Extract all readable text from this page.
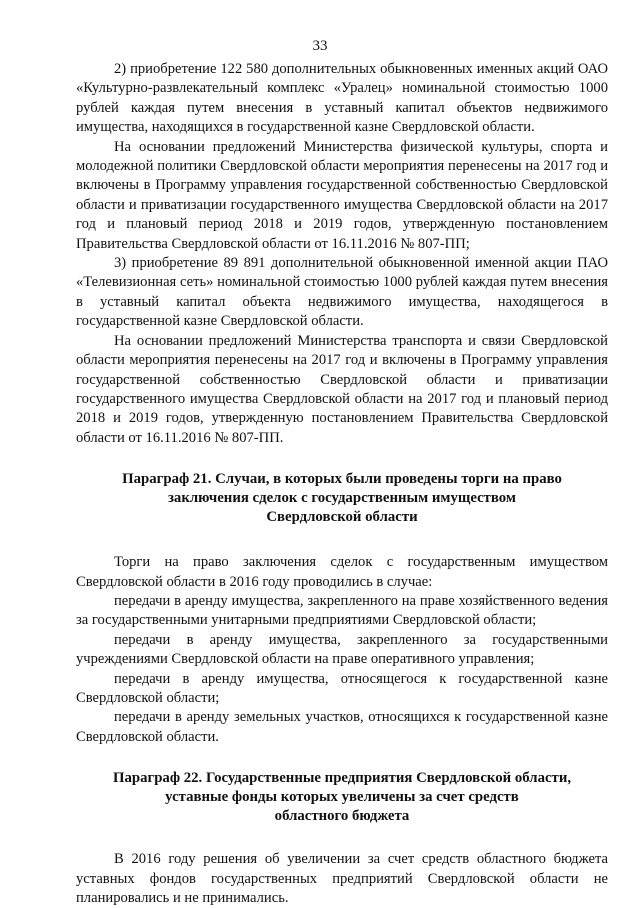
33

2) приобретение 122 580 дополнительных обыкновенных именных акций ОАО «Культурно-развлекательный комплекс «Уралец» номинальной стоимостью 1000 рублей каждая путем внесения в уставный капитал объектов недвижимого имущества, находящихся в государственной казне Свердловской области.

На основании предложений Министерства физической культуры, спорта и молодежной политики Свердловской области мероприятия перенесены на 2017 год и включены в Программу управления государственной собственностью Свердловской области и приватизации государственного имущества Свердловской области на 2017 год и плановый период 2018 и 2019 годов, утвержденную постановлением Правительства Свердловской области от 16.11.2016 № 807-ПП;

3) приобретение 89 891 дополнительной обыкновенной именной акции ПАО «Телевизионная сеть» номинальной стоимостью 1000 рублей каждая путем внесения в уставный капитал объекта недвижимого имущества, находящегося в государственной казне Свердловской области.

На основании предложений Министерства транспорта и связи Свердловской области мероприятия перенесены на 2017 год и включены в Программу управления государственной собственностью Свердловской области и приватизации государственного имущества Свердловской области на 2017 год и плановый период 2018 и 2019 годов, утвержденную постановлением Правительства Свердловской области от 16.11.2016 № 807-ПП.

Параграф 21. Случаи, в которых были проведены торги на право
заключения сделок с государственным имуществом
Свердловской области

Торги на право заключения сделок с государственным имуществом Свердловской области в 2016 году проводились в случае:

передачи в аренду имущества, закрепленного на праве хозяйственного ведения за государственными унитарными предприятиями Свердловской области;

передачи в аренду имущества, закрепленного за государственными учреждениями Свердловской области на праве оперативного управления;

передачи в аренду имущества, относящегося к государственной казне Свердловской области;

передачи в аренду земельных участков, относящихся к государственной казне Свердловской области.

Параграф 22. Государственные предприятия Свердловской области,
уставные фонды которых увеличены за счет средств
областного бюджета

В 2016 году решения об увеличении за счет средств областного бюджета уставных фондов государственных предприятий Свердловской области не планировались и не принимались.
